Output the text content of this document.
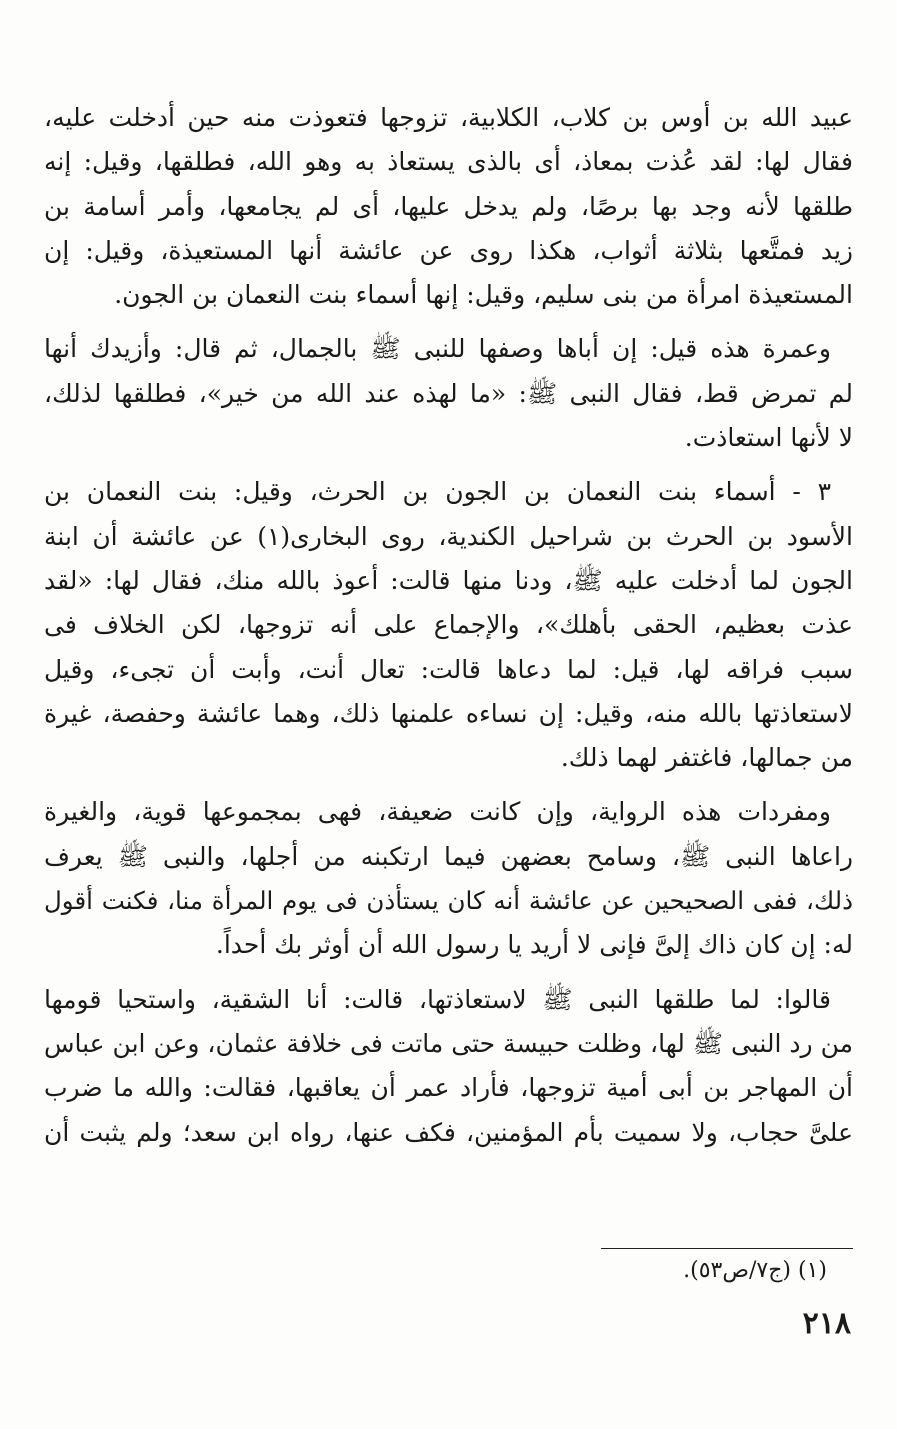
عبيد الله بن أوس بن كلاب، الكلابية، تزوجها فتعوذت منه حين أدخلت عليه،
فقال لها: لقد عُذت بمعاذ، أى بالذى يستعاذ به وهو الله، فطلقها، وقيل: إنه
طلقها لأنه وجد بها برصًا، ولم يدخل عليها، أى لم يجامعها، وأمر أسامة بن
زيد فمتَّعها بثلاثة أثواب، هكذا روى عن عائشة أنها المستعيذة، وقيل: إن
المستعيذة امرأة من بنى سليم، وقيل: إنها أسماء بنت النعمان بن الجون.

وعمرة هذه قيل: إن أباها وصفها للنبى ﷺ بالجمال، ثم قال: وأزيدك أنها
لم تمرض قط، فقال النبى ﷺ: «ما لهذه عند الله من خير»، فطلقها لذلك،
لا لأنها استعاذت.

٣ - أسماء بنت النعمان بن الجون بن الحرث، وقيل: بنت النعمان بن
الأسود بن الحرث بن شراحيل الكندية، روى البخارى(١) عن عائشة أن ابنة
الجون لما أدخلت عليه ﷺ، ودنا منها قالت: أعوذ بالله منك، فقال لها: «لقد
عذت بعظيم، الحقى بأهلك»، والإجماع على أنه تزوجها، لكن الخلاف فى
سبب فراقه لها، قيل: لما دعاها قالت: تعال أنت، وأبت أن تجىء، وقيل
لاستعاذتها بالله منه، وقيل: إن نساءه علمنها ذلك، وهما عائشة وحفصة، غيرة
من جمالها، فاغتفر لهما ذلك.

ومفردات هذه الرواية، وإن كانت ضعيفة، فهى بمجموعها قوية، والغيرة
راعاها النبى ﷺ، وسامح بعضهن فيما ارتكبنه من أجلها، والنبى ﷺ يعرف
ذلك، ففى الصحيحين عن عائشة أنه كان يستأذن فى يوم المرأة منا، فكنت أقول
له: إن كان ذاك إلىَّ فإنى لا أريد يا رسول الله أن أوثر بك أحداً.

قالوا: لما طلقها النبى ﷺ لاستعاذتها، قالت: أنا الشقية، واستحيا قومها
من رد النبى ﷺ لها، وظلت حبيسة حتى ماتت فى خلافة عثمان، وعن ابن عباس
أن المهاجر بن أبى أمية تزوجها، فأراد عمر أن يعاقبها، فقالت: والله ما ضرب
علىَّ حجاب، ولا سميت بأم المؤمنين، فكف عنها، رواه ابن سعد؛ ولم يثبت أن

(١) (ج٧/ص٥٣).
٢١٨
